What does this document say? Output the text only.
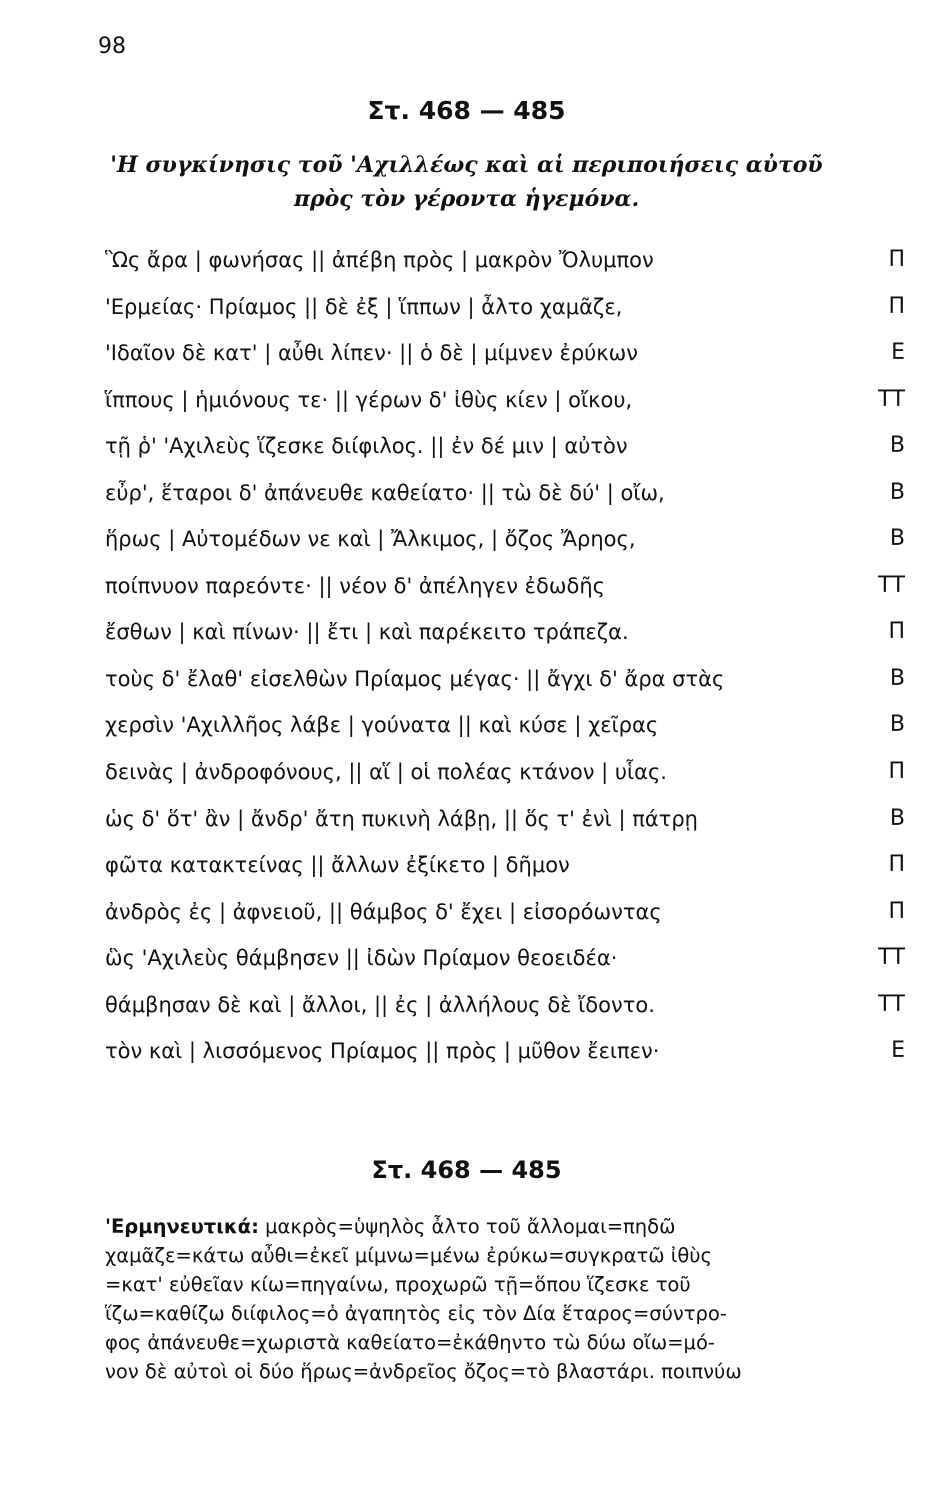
98
Στ. 468 — 485
'Η συγκίνησις τοῦ 'Αχιλλέως καὶ αἱ περιποιήσεις αὐτοῦ
πρὸς τὸν γέροντα ἡγεμόνα.
Ὣς ἄρα | φωνήσας || ἀπέβη πρὸς | μακρὸν Ὄλυμπον	Π
'Ερμείας· Πρίαμος || δὲ ἐξ | ἵππων | ἆλτο χαμᾶζε,	Π
'Ιδαῖον δὲ κατ' | αὖθι λίπεν· || ὁ δὲ | μίμνεν ἐρύκων	Ε
ἵππους | ἡμιόνους τε· || γέρων δ' ἰθὺς κίεν | οἴκου,	ΤΤ
τῇ ῥ' 'Αχιλεὺς ἵζεσκε διίφιλος. || ἐν δέ μιν | αὐτὸν	Β
εὖρ', ἕταροι δ' ἀπάνευθε καθείατο· || τὼ δὲ δύ' | οἴω,	Β
ἥρως | Αὐτομέδων νε καὶ | Ἄλκιμος, | ὄζος Ἄρηος,	Β
ποίπνυον παρεόντε· || νέον δ' ἀπέληγεν ἐδωδῆς	ΤΤ
ἔσθων | καὶ πίνων· || ἔτι | καὶ παρέκειτο τράπεζα.	Π
τοὺς δ' ἔλαθ' εἰσελθὼν Πρίαμος μέγας· || ἄγχι δ' ἄρα στὰς	Β
χερσὶν 'Αχιλλῆος λάβε | γούνατα || καὶ κύσε | χεῖρας	Β
δεινὰς | ἀνδροφόνους, || αἵ | οἱ πολέας κτάνον | υἷας.	Π
ὡς δ' ὅτ' ἂν | ἄνδρ' ἄτη πυκινὴ λάβῃ, || ὅς τ' ἐνὶ | πάτρῃ	Β
φῶτα κατακτείνας || ἄλλων ἐξίκετο | δῆμον	Π
ἀνδρὸς ἐς | ἀφνειοῦ, || θάμβος δ' ἔχει | εἰσορόωντας	Π
ὣς 'Αχιλεὺς θάμβησεν || ἰδὼν Πρίαμον θεοειδέα·	ΤΤ
θάμβησαν δὲ καὶ | ἄλλοι, || ἐς | ἀλλήλους δὲ ἴδοντο.	ΤΤ
τὸν καὶ | λισσόμενος Πρίαμος || πρὸς | μῦθον ἔειπεν·	Ε
Στ. 468 — 485
'Ερμηνευτικά: μακρὸς=ὑψηλὸς ἆλτο τοῦ ἄλλομαι=πηδῶ
χαμᾶζε=κάτω αὖθι=ἐκεῖ μίμνω=μένω ἐρύκω=συγκρατῶ ἰθὺς
=κατ' εὐθεῖαν κίω=πηγαίνω, προχωρῶ τῇ=ὅπου ἵζεσκε τοῦ
ἵζω=καθίζω διίφιλος=ὁ ἀγαπητὸς εἰς τὸν Δία ἕταρος=σύντρο-
φος ἀπάνευθε=χωριστὰ καθείατο=ἐκάθηντο τὼ δύω οἴω=μό-
νον δὲ αὐτοὶ οἱ δύο ἥρως=ἀνδρεῖος ὄζος=τὸ βλαστάρι. ποιπνύω
